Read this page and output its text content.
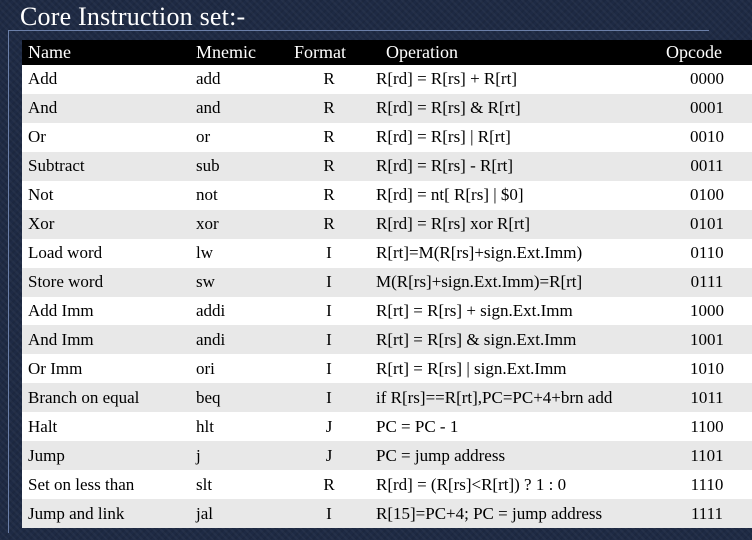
Core Instruction set:-
Name	Mnemic	Format	Operation	Opcode
Add	add	R	R[rd] = R[rs] + R[rt]	0000
And	and	R	R[rd] = R[rs] & R[rt]	0001
Or	or	R	R[rd] = R[rs] | R[rt]	0010
Subtract	sub	R	R[rd] = R[rs] - R[rt]	0011
Not	not	R	R[rd] = nt[ R[rs] | $0]	0100
Xor	xor	R	R[rd] = R[rs] xor R[rt]	0101
Load word	lw	I	R[rt]=M(R[rs]+sign.Ext.Imm)	0110
Store word	sw	I	M(R[rs]+sign.Ext.Imm)=R[rt]	0111
Add Imm	addi	I	R[rt] = R[rs] + sign.Ext.Imm	1000
And Imm	andi	I	R[rt] = R[rs] & sign.Ext.Imm	1001
Or Imm	ori	I	R[rt] = R[rs] | sign.Ext.Imm	1010
Branch on equal	beq	I	if R[rs]==R[rt],PC=PC+4+brn add	1011
Halt	hlt	J	PC = PC - 1	1100
Jump	j	J	PC = jump address	1101
Set on less than	slt	R	R[rd] = (R[rs]<R[rt]) ? 1 : 0	1110
Jump and link	jal	I	R[15]=PC+4; PC = jump address	1111
